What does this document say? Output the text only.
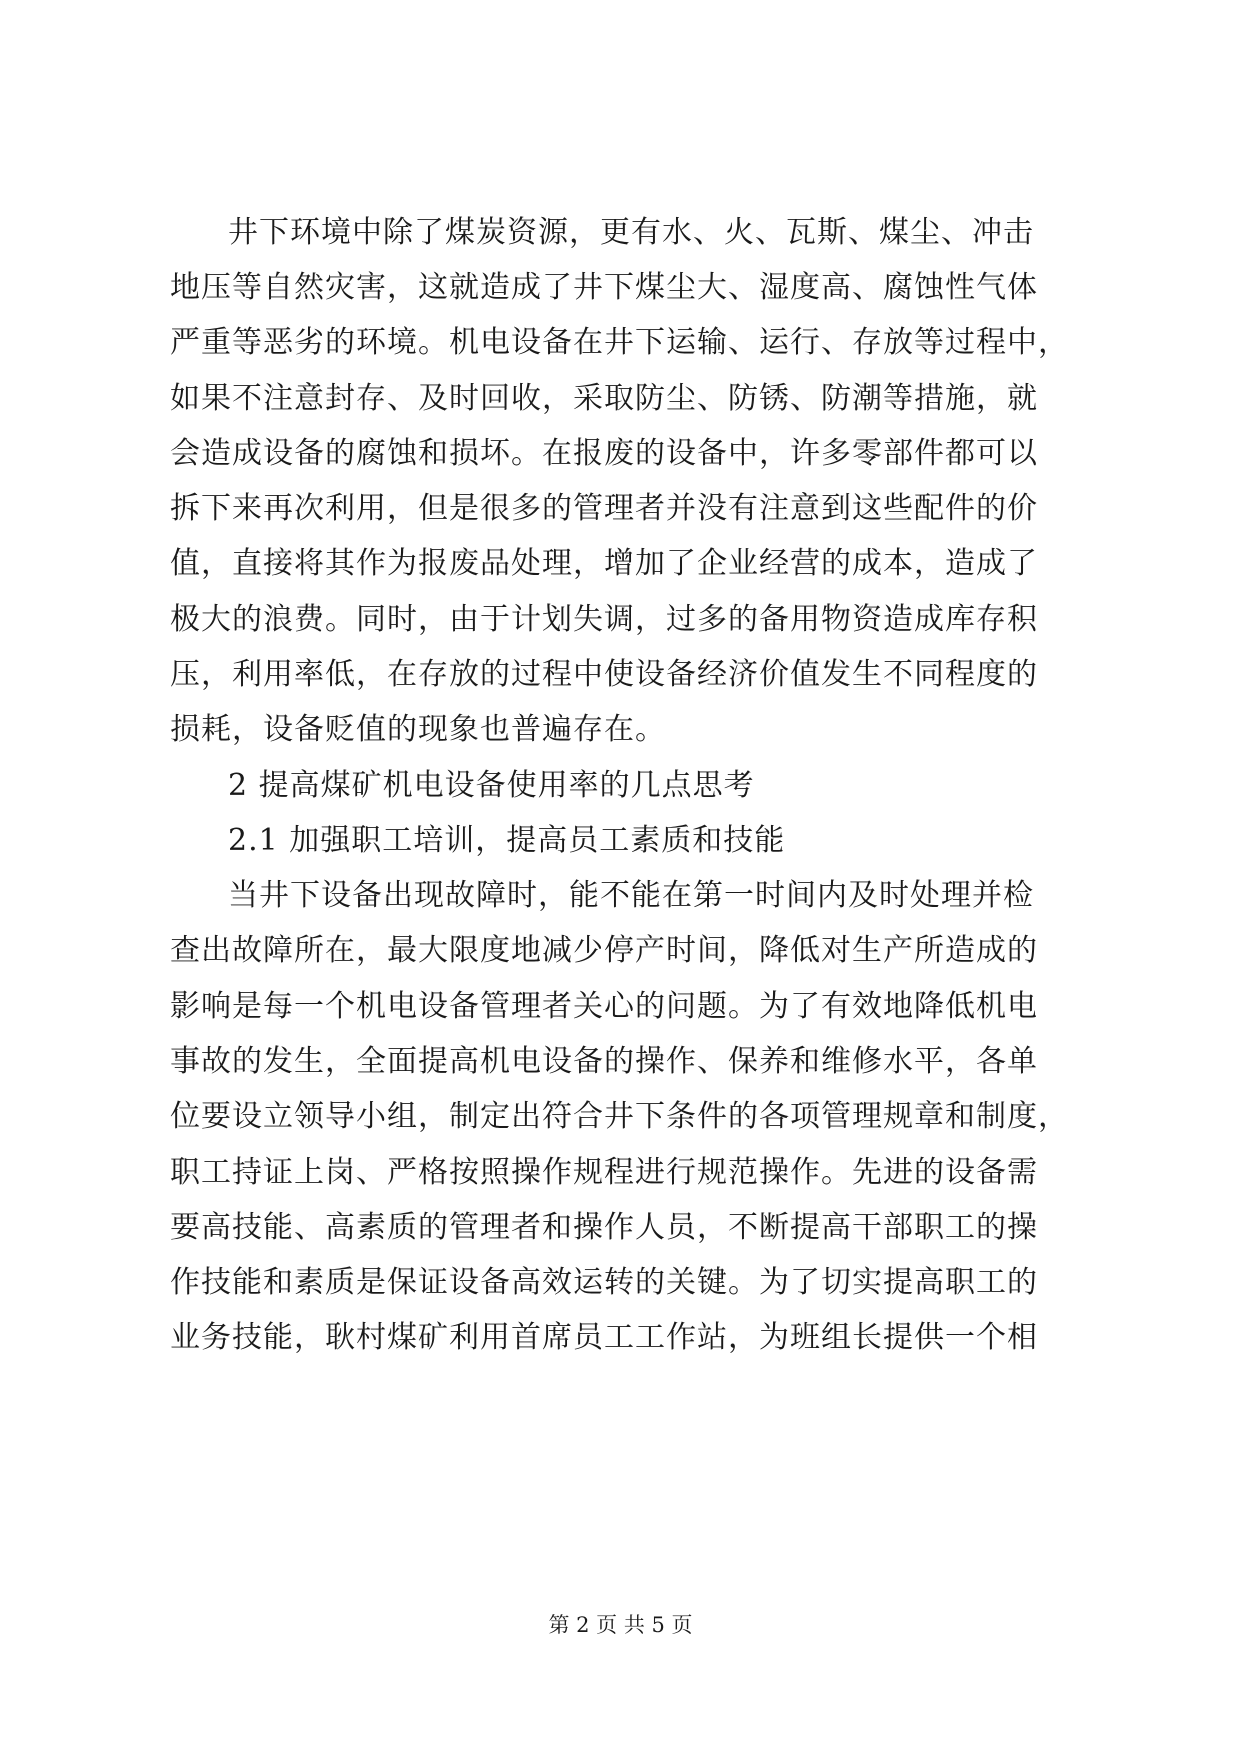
井下环境中除了煤炭资源，更有水、火、瓦斯、煤尘、冲击
地压等自然灾害，这就造成了井下煤尘大、湿度高、腐蚀性气体
严重等恶劣的环境。机电设备在井下运输、运行、存放等过程中，
如果不注意封存、及时回收，采取防尘、防锈、防潮等措施，就
会造成设备的腐蚀和损坏。在报废的设备中，许多零部件都可以
拆下来再次利用，但是很多的管理者并没有注意到这些配件的价
值，直接将其作为报废品处理，增加了企业经营的成本，造成了
极大的浪费。同时，由于计划失调，过多的备用物资造成库存积
压，利用率低，在存放的过程中使设备经济价值发生不同程度的
损耗，设备贬值的现象也普遍存在。
2 提高煤矿机电设备使用率的几点思考
2.1 加强职工培训，提高员工素质和技能
当井下设备出现故障时，能不能在第一时间内及时处理并检
查出故障所在，最大限度地减少停产时间，降低对生产所造成的
影响是每一个机电设备管理者关心的问题。为了有效地降低机电
事故的发生，全面提高机电设备的操作、保养和维修水平，各单
位要设立领导小组，制定出符合井下条件的各项管理规章和制度，
职工持证上岗、严格按照操作规程进行规范操作。先进的设备需
要高技能、高素质的管理者和操作人员，不断提高干部职工的操
作技能和素质是保证设备高效运转的关键。为了切实提高职工的
业务技能，耿村煤矿利用首席员工工作站，为班组长提供一个相
第 2 页 共 5 页
